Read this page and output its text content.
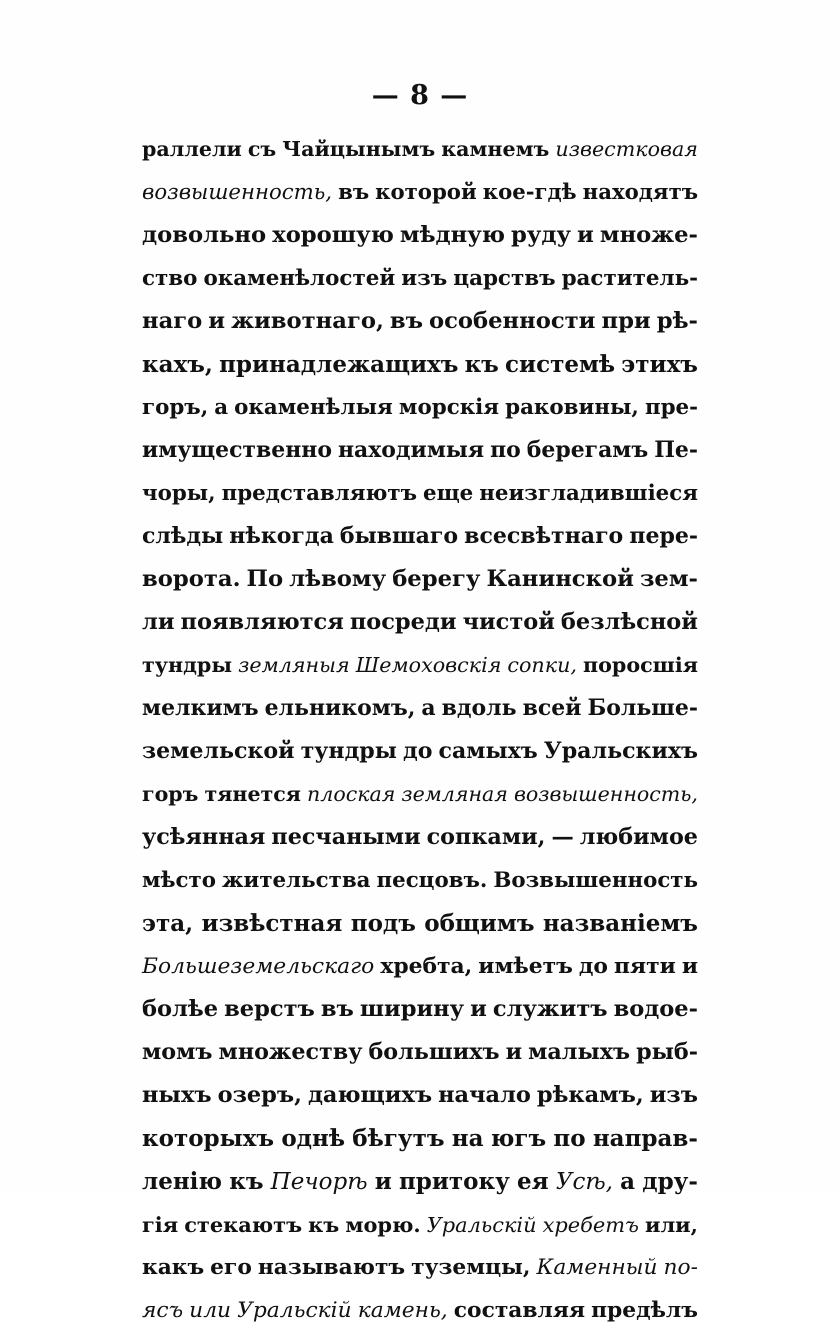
— 8 —
раллели съ Чайцынымъ камнемъ известковая
возвышенность, въ которой кое-гдѣ находятъ
довольно хорошую мѣдную руду и множе-
ство окаменѣлостей изъ царствъ раститель-
наго и животнаго, въ особенности при рѣ-
кахъ, принадлежащихъ къ системѣ этихъ
горъ, а окаменѣлыя морскія раковины, пре-
имущественно находимыя по берегамъ Пе-
чоры, представляютъ еще неизгладившіеся
слѣды нѣкогда бывшаго всесвѣтнаго пере-
ворота. По лѣвому берегу Канинской зем-
ли появляются посреди чистой безлѣсной
тундры земляныя Шемоховскія сопки, поросшія
мелкимъ ельникомъ, а вдоль всей Больше-
земельской тундры до самыхъ Уральскихъ
горъ тянется плоская земляная возвышенность,
усѣянная песчаными сопками, — любимое
мѣсто жительства песцовъ. Возвышенность
эта, извѣстная подъ общимъ названіемъ
Большеземельскаго хребта, имѣетъ до пяти и
болѣе верстъ въ ширину и служитъ водое-
момъ множеству большихъ и малыхъ рыб-
ныхъ озеръ, дающихъ начало рѣкамъ, изъ
которыхъ однѣ бѣгутъ на югъ по направ-
ленію къ Печорѣ и притоку ея Усѣ, а дру-
гія стекаютъ къ морю. Уральскій хребетъ или,
какъ его называютъ туземцы, Каменный по-
ясъ или Уральскій камень, составляя предѣлъ
